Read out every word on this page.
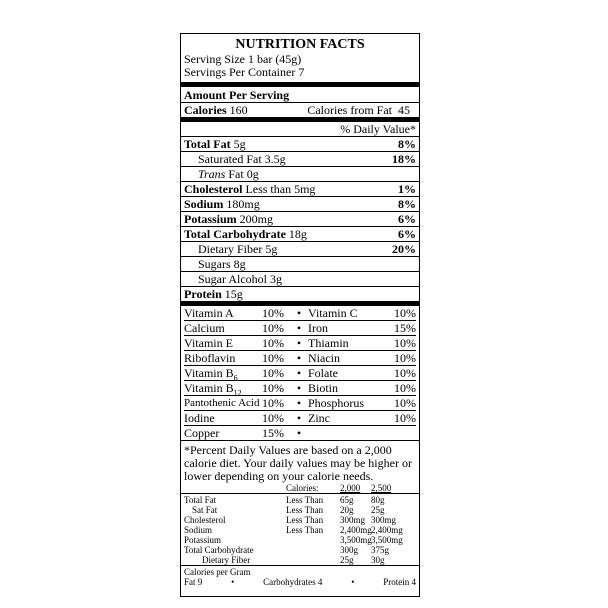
NUTRITION FACTS
Serving Size 1 bar (45g)
Servings Per Container 7
Amount Per Serving
Calories 160	Calories from Fat 45
% Daily Value*
Total Fat 5g	8%
Saturated Fat 3.5g	18%
Trans Fat 0g
Cholesterol Less than 5mg	1%
Sodium 180mg	8%
Potassium 200mg	6%
Total Carbohydrate 18g	6%
Dietary Fiber 5g	20%
Sugars 8g
Sugar Alcohol 3g
Protein 15g
Vitamin A	10%	• Vitamin C	10%
Calcium	10%	• Iron	15%
Vitamin E	10%	• Thiamin	10%
Riboflavin	10%	• Niacin	10%
Vitamin $B_6$	10%	• Folate	10%
Vitamin $B_{12}$	10%	• Biotin	10%
Pantothenic Acid 10%	• Phosphorus	10%
Iodine	10%	• Zinc	10%
Copper	15%	•
*Percent Daily Values are based on a 2,000 calorie diet. Your daily values may be higher or lower depending on your calorie needs.
Calories:	2,000	2,500
Total Fat	Less Than	65g	80g
Sat Fat	Less Than	20g	25g
Cholesterol	Less Than	300mg 300mg
Sodium	Less Than	2,400mg 2,400mg
Potassium	3,500mg 3,500mg
Total Carbohydrate	300g	375g
Dietary Fiber	25g	30g
Calories per Gram
Fat 9	•	Carbohydrates 4	•	Protein 4
